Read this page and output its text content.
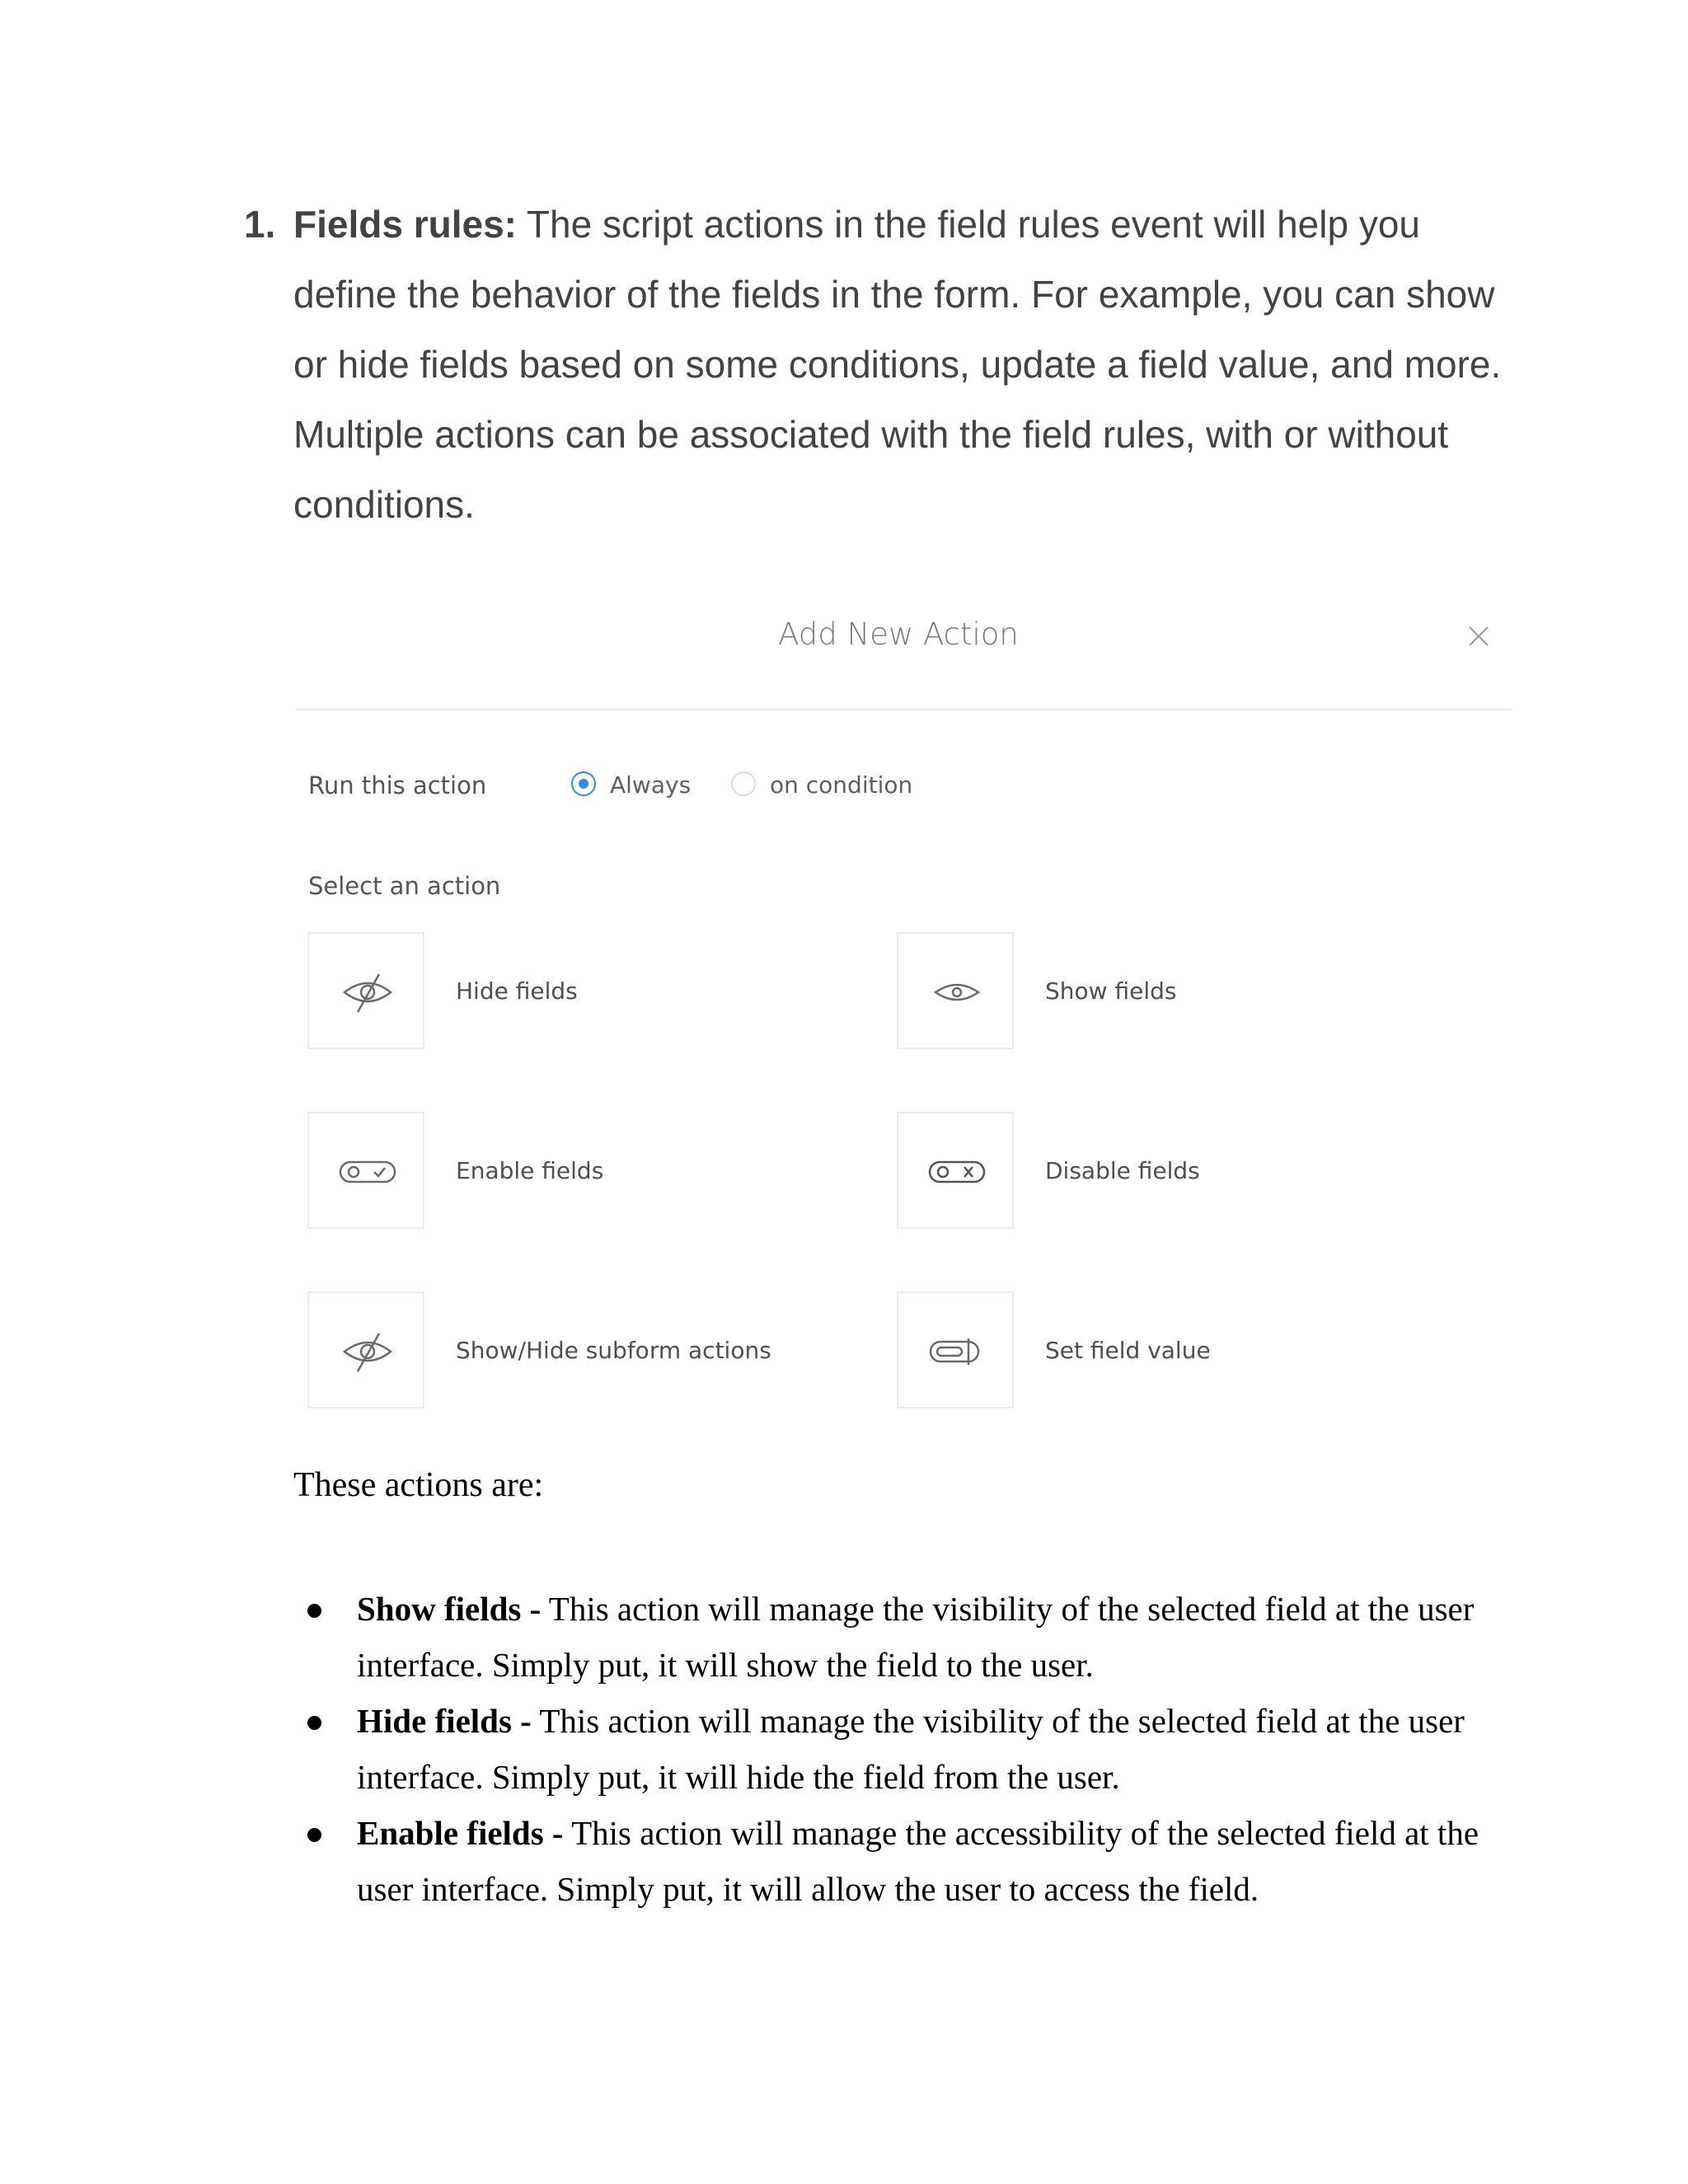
1. Fields rules: The script actions in the field rules event will help you define the behavior of the fields in the form. For example, you can show or hide fields based on some conditions, update a field value, and more. Multiple actions can be associated with the field rules, with or without conditions.
Add New Action
Run this action	Always	on condition
Select an action
Hide fields	Show fields
Enable fields	Disable fields
Show/Hide subform actions	Set field value
These actions are:
Show fields - This action will manage the visibility of the selected field at the user interface. Simply put, it will show the field to the user.
Hide fields - This action will manage the visibility of the selected field at the user interface. Simply put, it will hide the field from the user.
Enable fields - This action will manage the accessibility of the selected field at the user interface. Simply put, it will allow the user to access the field.
